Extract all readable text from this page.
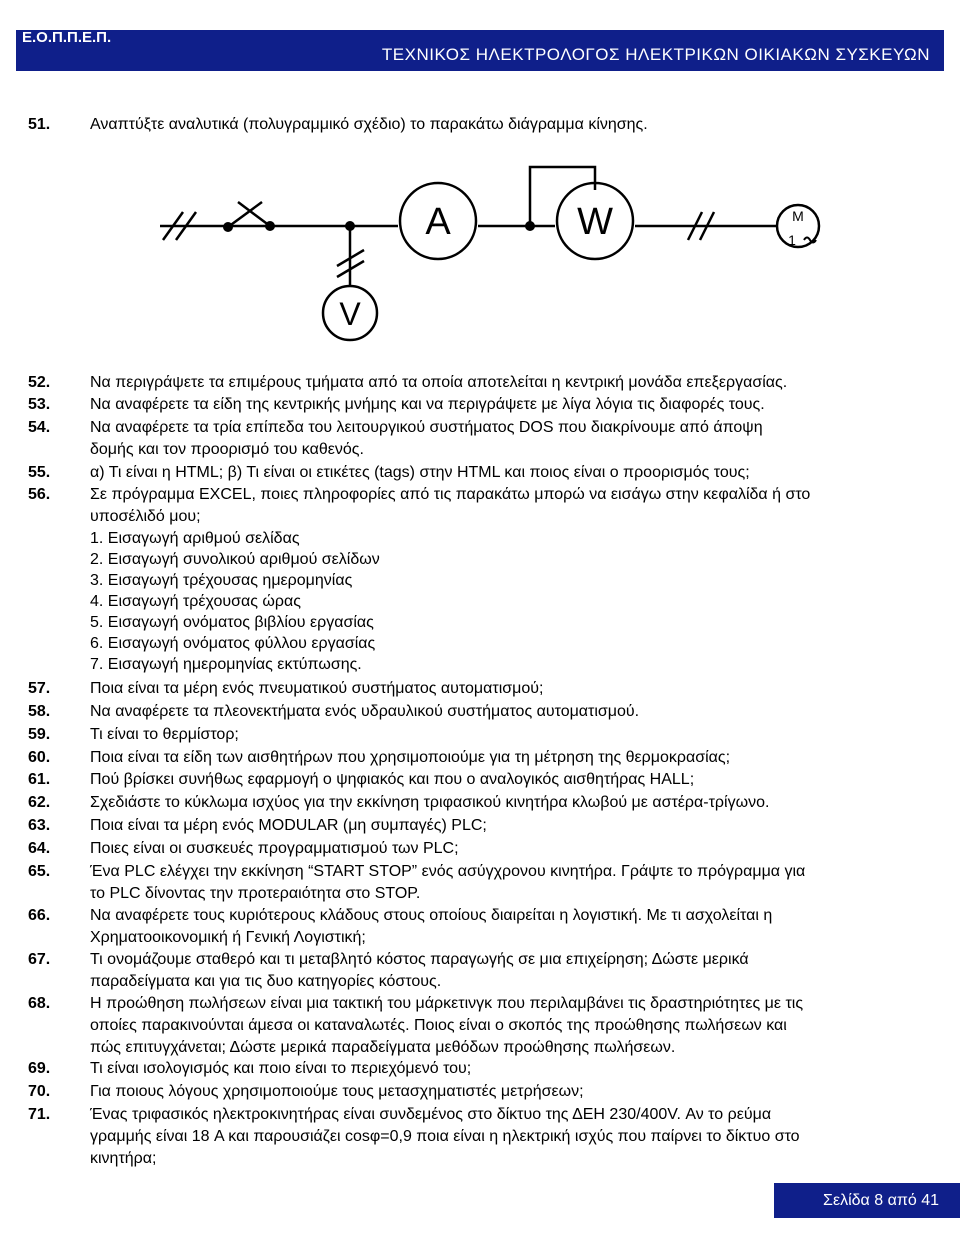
Ε.Ο.Π.Π.Ε.Π.
ΤΕΧΝΙΚΟΣ ΗΛΕΚΤΡΟΛΟΓΟΣ ΗΛΕΚΤΡΙΚΩΝ ΟΙΚΙΑΚΩΝ ΣΥΣΚΕΥΩΝ
51. Αναπτύξτε αναλυτικά (πολυγραμμικό σχέδιο) το παρακάτω διάγραμμα κίνησης.
A	W
V
M
1
52. Να περιγράψετε τα επιμέρους τμήματα από τα οποία αποτελείται η κεντρική μονάδα επεξεργασίας.
53. Να αναφέρετε τα είδη της κεντρικής μνήμης και να περιγράψετε με λίγα λόγια τις διαφορές τους.
54. Να αναφέρετε τα τρία επίπεδα του λειτουργικού συστήματος DOS που διακρίνουμε από άποψη
δομής και τον προορισμό του καθενός.
55. α) Τι είναι η HTML; β) Τι είναι οι ετικέτες (tags) στην HTML και ποιος είναι ο προορισμός τους;
56. Σε πρόγραμμα EXCEL, ποιες πληροφορίες από τις παρακάτω μπορώ να εισάγω στην κεφαλίδα ή στο
υποσέλιδό μου;
1. Εισαγωγή αριθμού σελίδας
2. Εισαγωγή συνολικού αριθμού σελίδων
3. Εισαγωγή τρέχουσας ημερομηνίας
4. Εισαγωγή τρέχουσας ώρας
5. Εισαγωγή ονόματος βιβλίου εργασίας
6. Εισαγωγή ονόματος φύλλου εργασίας
7. Εισαγωγή ημερομηνίας εκτύπωσης.
57. Ποια είναι τα μέρη ενός πνευματικού συστήματος αυτοματισμού;
58. Να αναφέρετε τα πλεονεκτήματα ενός υδραυλικού συστήματος αυτοματισμού.
59. Τι είναι το θερμίστορ;
60. Ποια είναι τα είδη των αισθητήρων που χρησιμοποιούμε για τη μέτρηση της θερμοκρασίας;
61. Πού βρίσκει συνήθως εφαρμογή ο ψηφιακός και που ο αναλογικός αισθητήρας HALL;
62. Σχεδιάστε το κύκλωμα ισχύος για την εκκίνηση τριφασικού κινητήρα κλωβού με αστέρα-τρίγωνο.
63. Ποια είναι τα μέρη ενός MODULAR (μη συμπαγές) PLC;
64. Ποιες είναι οι συσκευές προγραμματισμού των PLC;
65. Ένα PLC ελέγχει την εκκίνηση “START STOP” ενός ασύγχρονου κινητήρα. Γράψτε το πρόγραμμα για
το PLC δίνοντας την προτεραιότητα στο STOP.
66. Να αναφέρετε τους κυριότερους κλάδους στους οποίους διαιρείται η λογιστική. Με τι ασχολείται η
Χρηματοοικονομική ή Γενική Λογιστική;
67. Τι ονομάζουμε σταθερό και τι μεταβλητό κόστος παραγωγής σε μια επιχείρηση; Δώστε μερικά
παραδείγματα και για τις δυο κατηγορίες κόστους.
68. Η προώθηση πωλήσεων είναι μια τακτική του μάρκετινγκ που περιλαμβάνει τις δραστηριότητες με τις
οποίες παρακινούνται άμεσα οι καταναλωτές. Ποιος είναι ο σκοπός της προώθησης πωλήσεων και
πώς επιτυγχάνεται; Δώστε μερικά παραδείγματα μεθόδων προώθησης πωλήσεων.
69. Τι είναι ισολογισμός και ποιο είναι το περιεχόμενό του;
70. Για ποιους λόγους χρησιμοποιούμε τους μετασχηματιστές μετρήσεων;
71. Ένας τριφασικός ηλεκτροκινητήρας είναι συνδεμένος στο δίκτυο της ΔΕΗ 230/400V. Αν το ρεύμα
γραμμής είναι 18 A και παρουσιάζει cosφ=0,9 ποια είναι η ηλεκτρική ισχύς που παίρνει το δίκτυο στο
κινητήρα;
Σελίδα 8 από 41
